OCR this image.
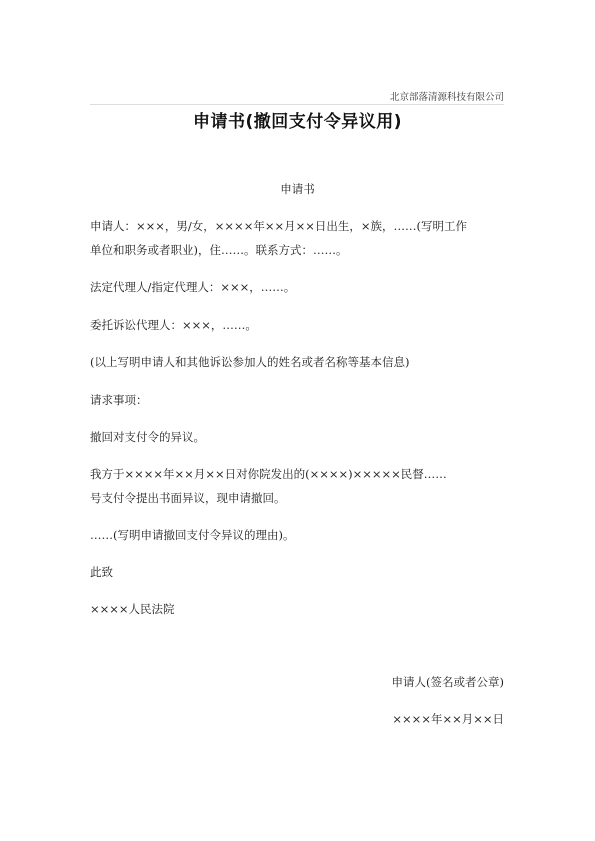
北京部落清源科技有限公司
申请书(撤回支付令异议用)
申请书
申请人：×××，男/女，××××年××月××日出生，×族，……(写明工作
单位和职务或者职业)，住……。联系方式：……。
法定代理人/指定代理人：×××，……。
委托诉讼代理人：×××，……。
(以上写明申请人和其他诉讼参加人的姓名或者名称等基本信息)
请求事项：
撤回对支付令的异议。
我方于××××年××月××日对你院发出的(××××)×××××民督……
号支付令提出书面异议，现申请撤回。
……(写明申请撤回支付令异议的理由)。
此致
××××人民法院
申请人(签名或者公章)
××××年××月××日
